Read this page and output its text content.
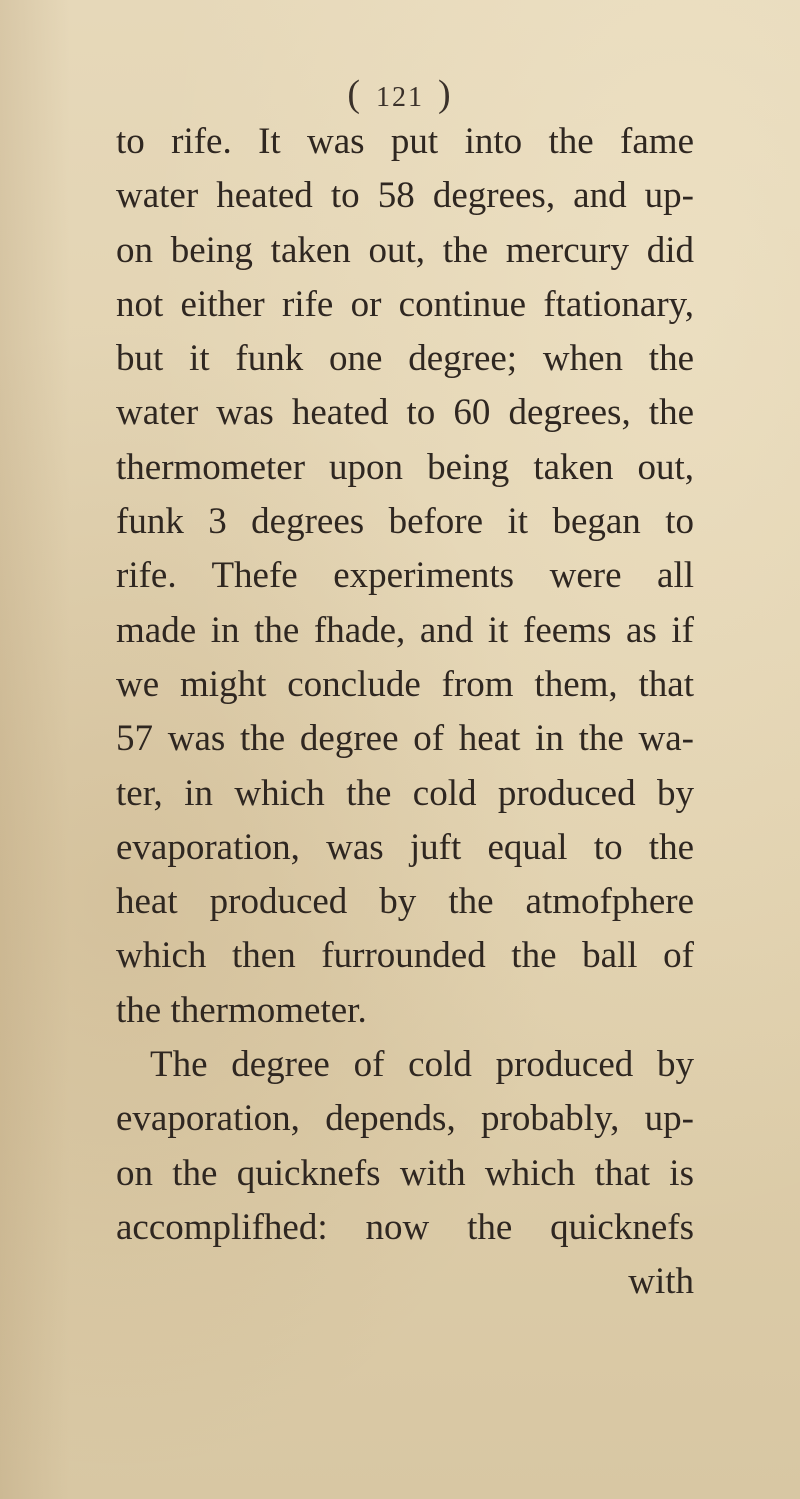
( 121 )
to rife. It was put into the fame
water heated to 58 degrees, and up-
on being taken out, the mercury did
not either rife or continue ftationary,
but it funk one degree; when the
water was heated to 60 degrees, the
thermometer upon being taken out,
funk 3 degrees before it began to
rife. Thefe experiments were all
made in the fhade, and it feems as if
we might conclude from them, that
57 was the degree of heat in the wa-
ter, in which the cold produced by
evaporation, was juft equal to the
heat produced by the atmofphere
which then furrounded the ball of
the thermometer.
The degree of cold produced by
evaporation, depends, probably, up-
on the quicknefs with which that is
accomplifhed: now the quicknefs
with
